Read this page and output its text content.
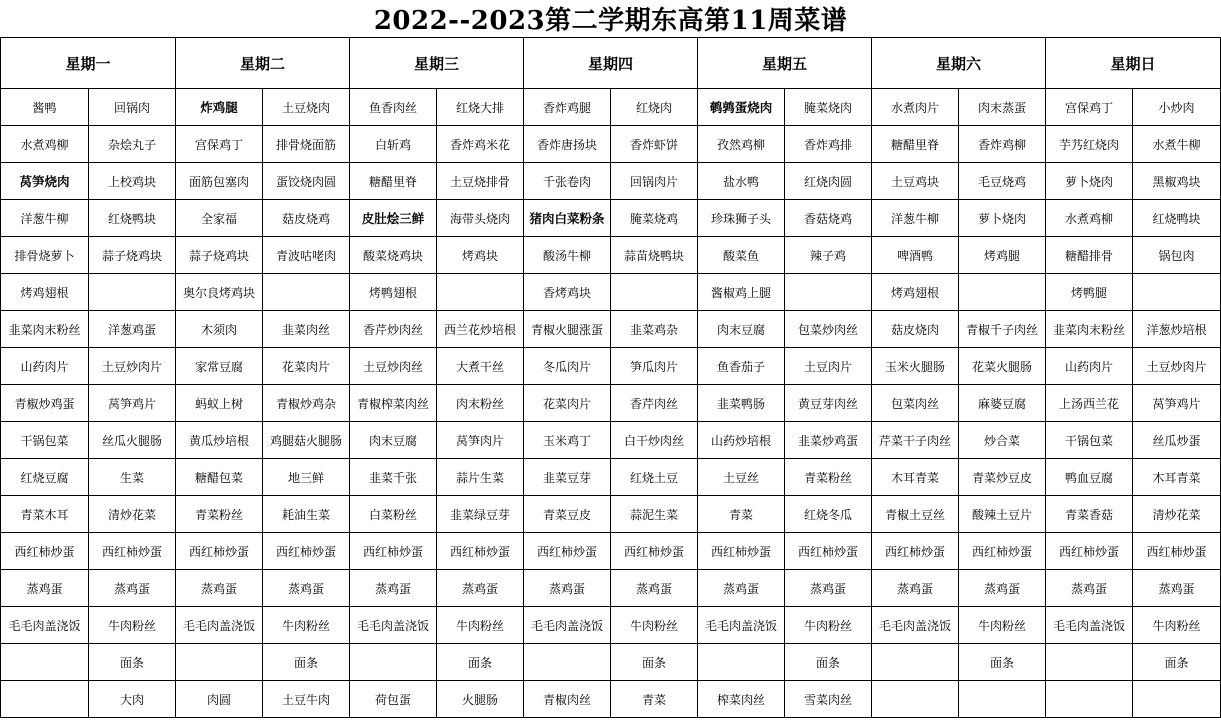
2022--2023第二学期东高第11周菜谱													
星期一		星期二		星期三		星期四		星期五		星期六		星期日	
酱鸭	回锅肉	炸鸡腿	土豆烧肉	鱼香肉丝	红烧大排	香炸鸡腿	红烧肉	鹌鹑蛋烧肉	腌菜烧肉	水煮肉片	肉末蒸蛋	宫保鸡丁	小炒肉
水煮鸡柳	杂烩丸子	宫保鸡丁	排骨烧面筋	白斩鸡	香炸鸡米花	香炸唐扬块	香炸虾饼	孜然鸡柳	香炸鸡排	糖醋里脊	香炸鸡柳	芋艿红烧肉	水煮牛柳
莴笋烧肉	上校鸡块	面筋包塞肉	蛋饺烧肉圆	糖醋里脊	土豆烧排骨	千张卷肉	回锅肉片	盐水鸭	红烧肉圆	土豆鸡块	毛豆烧鸡	萝卜烧肉	黑椒鸡块
洋葱牛柳	红烧鸭块	全家福	菇皮烧鸡	皮肚烩三鲜	海带头烧肉	猪肉白菜粉条	腌菜烧鸡	珍珠狮子头	香菇烧鸡	洋葱牛柳	萝卜烧肉	水煮鸡柳	红烧鸭块
排骨烧萝卜	蒜子烧鸡块	蒜子烧鸡块	青波咕咾肉	酸菜烧鸡块	烤鸡块	酸汤牛柳	蒜苗烧鸭块	酸菜鱼	辣子鸡	啤酒鸭	烤鸡腿	糖醋排骨	锅包肉
烤鸡翅根		奥尔良烤鸡块		烤鸭翅根		香烤鸡块		酱椒鸡上腿		烤鸡翅根		烤鸭腿	
韭菜肉末粉丝	洋葱鸡蛋	木须肉	韭菜肉丝	香芹炒肉丝	西兰花炒培根	青椒火腿涨蛋	韭菜鸡杂	肉末豆腐	包菜炒肉丝	菇皮烧肉	青椒千子肉丝	韭菜肉末粉丝	洋葱炒培根
山药肉片	土豆炒肉片	家常豆腐	花菜肉片	土豆炒肉丝	大煮干丝	冬瓜肉片	笋瓜肉片	鱼香茄子	土豆肉片	玉米火腿肠	花菜火腿肠	山药肉片	土豆炒肉片
青椒炒鸡蛋	莴笋鸡片	蚂蚁上树	青椒炒鸡杂	青椒榨菜肉丝	肉末粉丝	花菜肉片	香芹肉丝	韭菜鸭肠	黄豆芽肉丝	包菜肉丝	麻婆豆腐	上汤西兰花	莴笋鸡片
干锅包菜	丝瓜火腿肠	黄瓜炒培根	鸡腿菇火腿肠	肉末豆腐	莴笋肉片	玉米鸡丁	白干炒肉丝	山药炒培根	韭菜炒鸡蛋	芹菜干子肉丝	炒合菜	干锅包菜	丝瓜炒蛋
红烧豆腐	生菜	糖醋包菜	地三鲜	韭菜千张	蒜片生菜	韭菜豆芽	红烧土豆	土豆丝	青菜粉丝	木耳青菜	青菜炒豆皮	鸭血豆腐	木耳青菜
青菜木耳	清炒花菜	青菜粉丝	耗油生菜	白菜粉丝	韭菜绿豆芽	青菜豆皮	蒜泥生菜	青菜	红烧冬瓜	青椒土豆丝	酸辣土豆片	青菜香菇	清炒花菜
西红柿炒蛋	西红柿炒蛋	西红柿炒蛋	西红柿炒蛋	西红柿炒蛋	西红柿炒蛋	西红柿炒蛋	西红柿炒蛋	西红柿炒蛋	西红柿炒蛋	西红柿炒蛋	西红柿炒蛋	西红柿炒蛋	西红柿炒蛋
蒸鸡蛋	蒸鸡蛋	蒸鸡蛋	蒸鸡蛋	蒸鸡蛋	蒸鸡蛋	蒸鸡蛋	蒸鸡蛋	蒸鸡蛋	蒸鸡蛋	蒸鸡蛋	蒸鸡蛋	蒸鸡蛋	蒸鸡蛋
毛毛肉盖浇饭	牛肉粉丝	毛毛肉盖浇饭	牛肉粉丝	毛毛肉盖浇饭	牛肉粉丝	毛毛肉盖浇饭	牛肉粉丝	毛毛肉盖浇饭	牛肉粉丝	毛毛肉盖浇饭	牛肉粉丝	毛毛肉盖浇饭	牛肉粉丝
	面条		面条		面条		面条		面条		面条		面条
	大肉	肉圆	土豆牛肉	荷包蛋	火腿肠	青椒肉丝	青菜	榨菜肉丝	雪菜肉丝				
